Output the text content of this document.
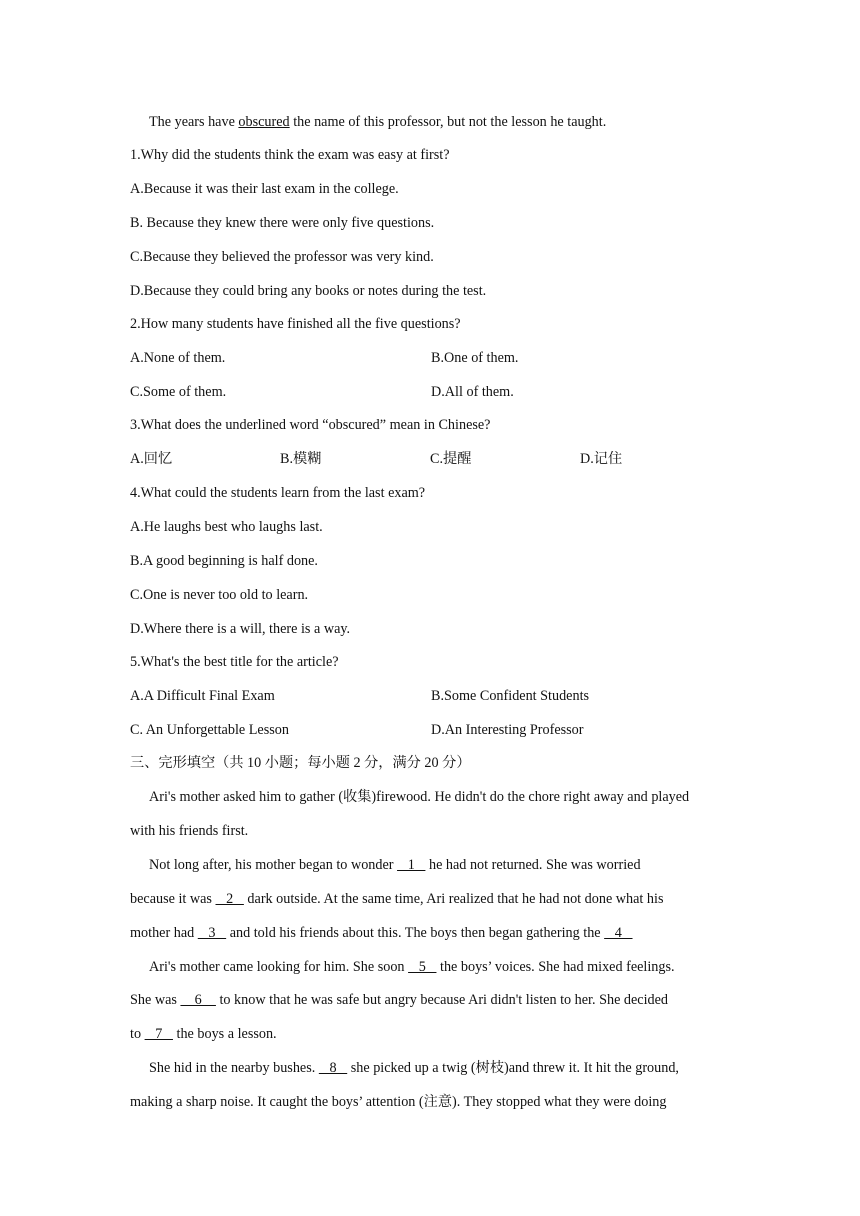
The years have obscured the name of this professor, but not the lesson he taught.
1.Why did the students think the exam was easy at first?
A.Because it was their last exam in the college.
B. Because they knew there were only five questions.
C.Because they believed the professor was very kind.
D.Because they could bring any books or notes during the test.
2.How many students have finished all the five questions?
A.None of them.	B.One of them.
C.Some of them.	D.All of them.
3.What does the underlined word “obscured” mean in Chinese?
A.回忆	B.模糊	C.提醒	D.记住
4.What could the students learn from the last exam?
A.He laughs best who laughs last.
B.A good beginning is half done.
C.One is never too old to learn.
D.Where there is a will, there is a way.
5.What's the best title for the article?
A.A Difficult Final Exam	B.Some Confident Students
C. An Unforgettable Lesson	D.An Interesting Professor
三、完形填空（共 10 小题；每小题 2 分，满分 20 分）
Ari's mother asked him to gather (收集)firewood. He didn't do the chore right away and played
with his friends first.
Not long after, his mother began to wonder    1    he had not returned. She was worried
because it was    2    dark outside. At the same time, Ari realized that he had not done what his
mother had    3    and told his friends about this. The boys then began gathering the    4
Ari's mother came looking for him. She soon    5    the boys’ voices. She had mixed feelings.
She was     6     to know that he was safe but angry because Ari didn't listen to her. She decided
to    7    the boys a lesson.
She hid in the nearby bushes.    8    she picked up a twig (树枝)and threw it. It hit the ground,
making a sharp noise. It caught the boys’ attention (注意). They stopped what they were doing
